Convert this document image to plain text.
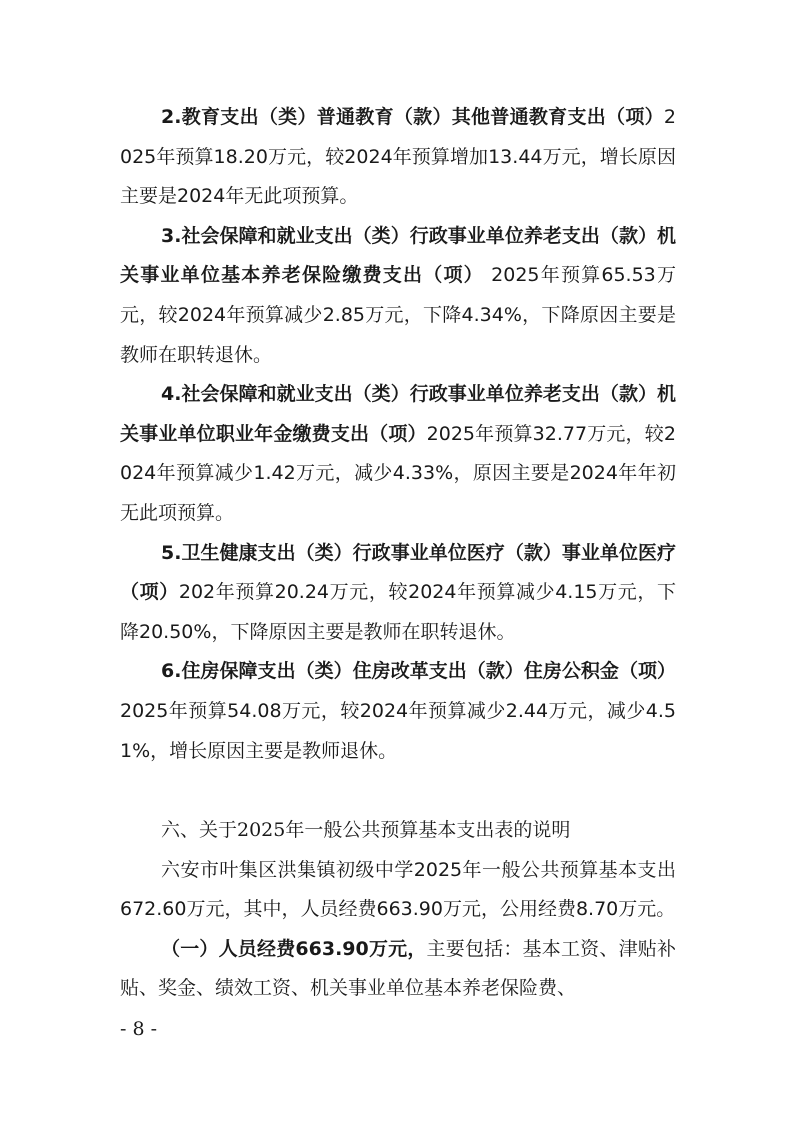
2.教育支出（类）普通教育（款）其他普通教育支出（项）2025年预算18.20万元，较2024年预算增加13.44万元，增长原因主要是2024年无此项预算。

3.社会保障和就业支出（类）行政事业单位养老支出（款）机关事业单位基本养老保险缴费支出（项） 2025年预算65.53万元，较2024年预算减少2.85万元，下降4.34%，下降原因主要是教师在职转退休。

4.社会保障和就业支出（类）行政事业单位养老支出（款）机关事业单位职业年金缴费支出（项）2025年预算32.77万元，较2024年预算减少1.42万元，减少4.33%，原因主要是2024年年初无此项预算。

5.卫生健康支出（类）行政事业单位医疗（款）事业单位医疗（项）202年预算20.24万元，较2024年预算减少4.15万元，下降20.50%，下降原因主要是教师在职转退休。

6.住房保障支出（类）住房改革支出（款）住房公积金（项）2025年预算54.08万元，较2024年预算减少2.44万元，减少4.51%，增长原因主要是教师退休。

六、关于2025年一般公共预算基本支出表的说明

六安市叶集区洪集镇初级中学2025年一般公共预算基本支出672.60万元，其中，人员经费663.90万元，公用经费8.70万元。

（一）人员经费663.90万元，主要包括：基本工资、津贴补贴、奖金、绩效工资、机关事业单位基本养老保险费、

- 8 -
